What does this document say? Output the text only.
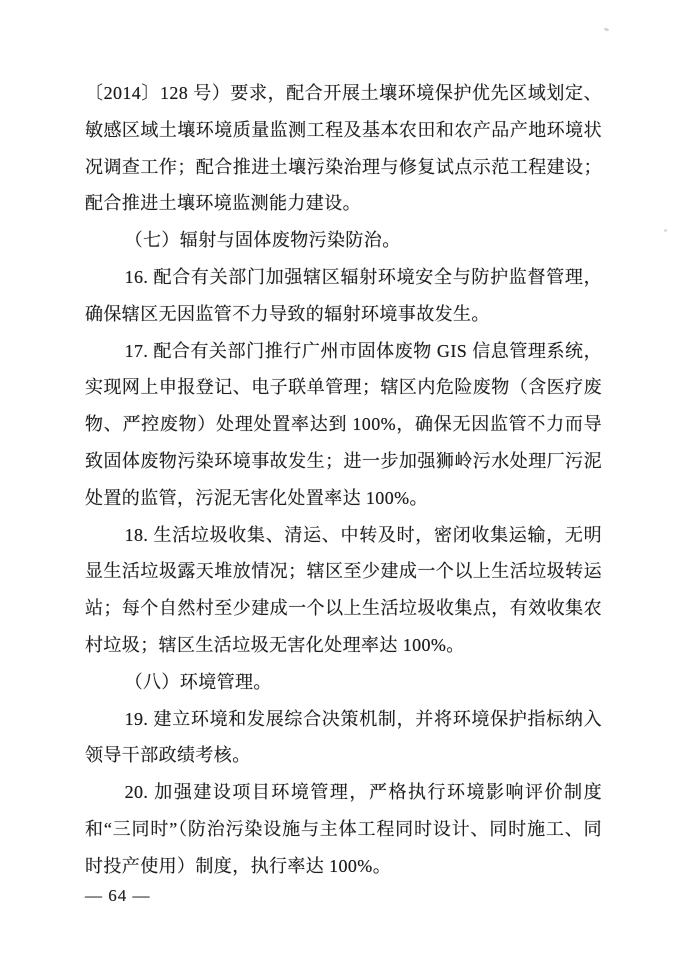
〔2014〕128 号）要求，配合开展土壤环境保护优先区域划定、敏感区域土壤环境质量监测工程及基本农田和农产品产地环境状况调查工作；配合推进土壤污染治理与修复试点示范工程建设；配合推进土壤环境监测能力建设。

（七）辐射与固体废物污染防治。

16. 配合有关部门加强辖区辐射环境安全与防护监督管理，确保辖区无因监管不力导致的辐射环境事故发生。

17. 配合有关部门推行广州市固体废物 GIS 信息管理系统，实现网上申报登记、电子联单管理；辖区内危险废物（含医疗废物、严控废物）处理处置率达到 100%，确保无因监管不力而导致固体废物污染环境事故发生；进一步加强狮岭污水处理厂污泥处置的监管，污泥无害化处置率达 100%。

18. 生活垃圾收集、清运、中转及时，密闭收集运输，无明显生活垃圾露天堆放情况；辖区至少建成一个以上生活垃圾转运站；每个自然村至少建成一个以上生活垃圾收集点，有效收集农村垃圾；辖区生活垃圾无害化处理率达 100%。

（八）环境管理。

19. 建立环境和发展综合决策机制，并将环境保护指标纳入领导干部政绩考核。

20. 加强建设项目环境管理，严格执行环境影响评价制度和“三同时”（防治污染设施与主体工程同时设计、同时施工、同时投产使用）制度，执行率达 100%。

— 64 —
